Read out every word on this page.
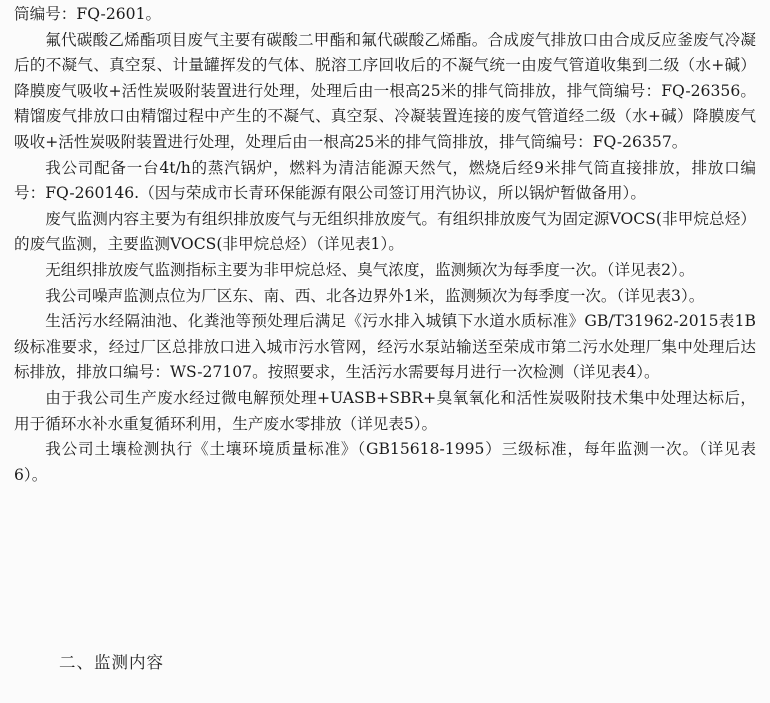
筒编号：FQ-2601。

氟代碳酸乙烯酯项目废气主要有碳酸二甲酯和氟代碳酸乙烯酯。合成废气排放口由合成反应釜废气冷凝后的不凝气、真空泵、计量罐挥发的气体、脱溶工序回收后的不凝气统一由废气管道收集到二级（水+碱）降膜废气吸收+活性炭吸附装置进行处理，处理后由一根高25米的排气筒排放，排气筒编号：FQ-26356。精馏废气排放口由精馏过程中产生的不凝气、真空泵、冷凝装置连接的废气管道经二级（水+碱）降膜废气吸收+活性炭吸附装置进行处理，处理后由一根高25米的排气筒排放，排气筒编号：FQ-26357。

我公司配备一台4t/h的蒸汽锅炉，燃料为清洁能源天然气，燃烧后经9米排气筒直接排放，排放口编号：FQ-260146.（因与荣成市长青环保能源有限公司签订用汽协议，所以锅炉暂做备用）。

废气监测内容主要为有组织排放废气与无组织排放废气。有组织排放废气为固定源VOCS(非甲烷总烃）的废气监测，主要监测VOCS(非甲烷总烃）（详见表1）。

无组织排放废气监测指标主要为非甲烷总烃、臭气浓度，监测频次为每季度一次。（详见表2）。

我公司噪声监测点位为厂区东、南、西、北各边界外1米，监测频次为每季度一次。（详见表3）。

生活污水经隔油池、化粪池等预处理后满足《污水排入城镇下水道水质标准》GB/T31962-2015表1B级标准要求，经过厂区总排放口进入城市污水管网，经污水泵站输送至荣成市第二污水处理厂集中处理后达标排放，排放口编号：WS-27107。按照要求，生活污水需要每月进行一次检测（详见表4）。

由于我公司生产废水经过微电解预处理+UASB+SBR+臭氧氧化和活性炭吸附技术集中处理达标后，用于循环水补水重复循环利用，生产废水零排放（详见表5）。

我公司土壤检测执行《土壤环境质量标准》（GB15618-1995）三级标准，每年监测一次。（详见表6）。

二、监测内容
